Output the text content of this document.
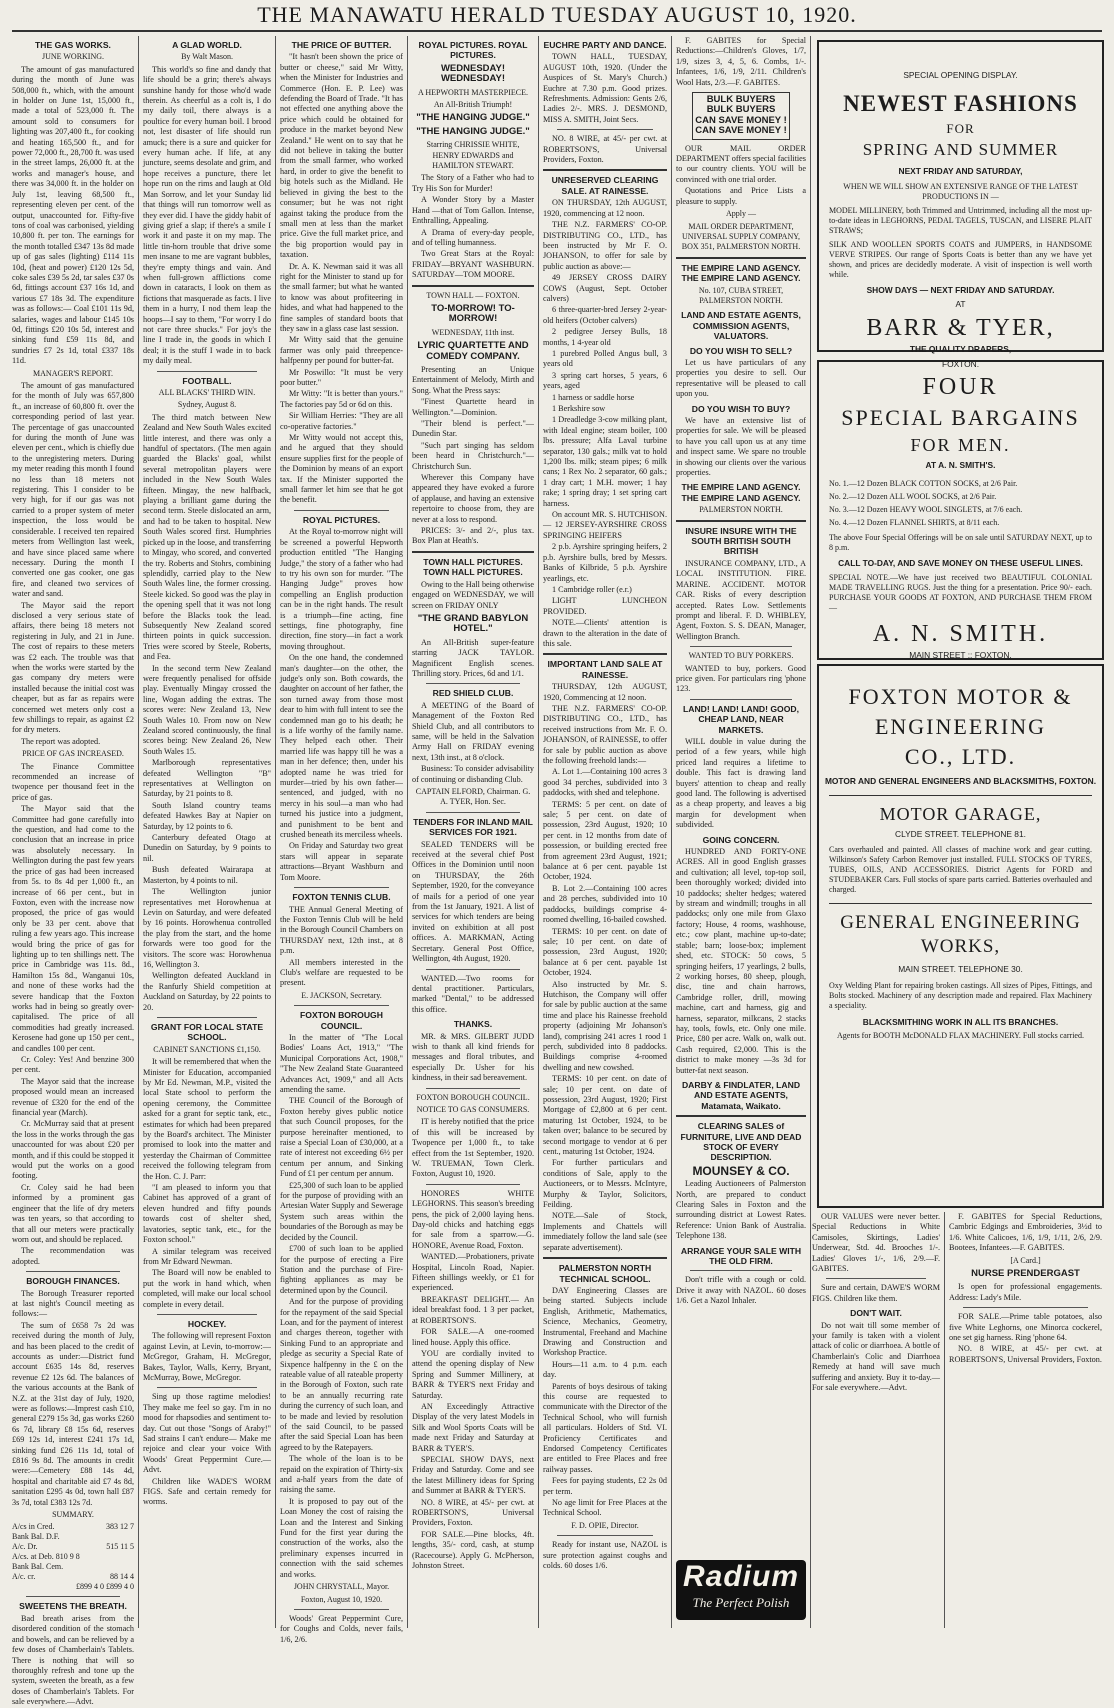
THE MANAWATU HERALD TUESDAY AUGUST 10, 1920.
THE GAS WORKS.
JUNE WORKING.

The amount of gas manufactured during the month of June was 508,000 ft., which, with the amount in holder on June 1st, 15,000 ft., made a total of 523,000 ft. The amount sold to consumers for lighting was 207,400 ft., for cooking and heating 165,500 ft., and for power 72,000 ft., 28,700 ft. was used in the street lamps, 26,000 ft. at the works and manager's house, and there was 34,000 ft. in the holder on July 1st, leaving 68,500 ft., representing eleven per cent. of the output, unaccounted for. Fifty-five tons of coal was carbonised, yielding 10,800 ft. per ton. The earnings for the month totalled £347 13s 8d made up of gas sales (lighting) £114 11s 10d, (heat and power) £120 12s 5d, coke sales £39 5s 2d, tar sales £37 0s 6d, fittings account £37 16s 1d, and various £7 18s 3d. The expenditure was as follows:— Coal £101 11s 9d, salaries, wages and labour £145 10s 0d, fittings £20 10s 5d, interest and sinking fund £59 11s 8d, and sundries £7 2s 1d, total £337 18s 11d.

MANAGER'S REPORT.

The amount of gas manufactured for the month of July was 657,800 ft., an increase of 60,800 ft. over the corresponding period of last year. The percentage of gas unaccounted for during the month of June was eleven per cent., which is chiefly due to the unregistering meters. During my meter reading this month I found no less than 18 meters not registering. This I consider to be very high, for if our gas was not carried to a proper system of meter inspection, the loss would be considerable. I received ten repaired meters from Wellington last week, and have since placed same where necessary. During the month I converted one gas cooker, one gas fire, and cleaned two services of water and sand.

The Mayor said the report disclosed a very serious state of affairs, there being 18 meters not registering in July, and 21 in June. The cost of repairs to these meters was £2 each. The trouble was that when the works were started by the gas company dry meters were installed because the initial cost was cheaper, but as far as repairs were concerned wet meters only cost a few shillings to repair, as against £2 for dry meters.

The report was adopted.

PRICE OF GAS INCREASED.

The Finance Committee recommended an increase of twopence per thousand feet in the price of gas.

The Mayor said that the Committee had gone carefully into the question, and had come to the conclusion that an increase in price was absolutely necessary. In Wellington during the past few years the price of gas had been increased from 5s. to 8s 4d per 1,000 ft., an increase of 66 per cent., but in Foxton, even with the increase now proposed, the price of gas would only be 33 per cent. above that ruling a few years ago. This increase would bring the price of gas for lighting up to ten shillings nett. The price in Cambridge was 11s. 8d., Hamilton 15s 8d., Wanganui 10s, and none of these works had the severe handicap that the Foxton works had in being so greatly over-capitalised. The price of all commodities had greatly increased. Kerosene had gone up 150 per cent., and candles 100 per cent.

Cr. Coley: Yes! And benzine 300 per cent.

The Mayor said that the increase proposed would mean an increased revenue of £320 for the end of the financial year (March).

Cr. McMurray said that at present the loss in the works through the gas unaccounted for was about £20 per month, and if this could be stopped it would put the works on a good footing.

Cr. Coley said he had been informed by a prominent gas engineer that the life of dry meters was ten years, so that according to that all our meters were practically worn out, and should be replaced.

The recommendation was adopted.

BOROUGH FINANCES.

The Borough Treasurer reported at last night's Council meeting as follows:—

The sum of £658 7s 2d was received during the month of July, and has been placed to the credit of accounts as under:—District fund account £635 14s 8d, reserves revenue £2 12s 6d. The balances of the various accounts at the Bank of N.Z. at the 31st day of July, 1920, were as follows:—Imprest cash £10, general £279 15s 3d, gas works £260 6s 7d, library £8 15s 6d, reserves £69 12s 1d, interest £241 17s 1d, sinking fund £26 11s 1d, total of £816 9s 8d. The amounts in credit were:—Cemetery £88 14s 4d, hospital and charitable aid £7 4s 8d, sanitation £295 4s 0d, town hall £87 3s 7d, total £383 12s 7d.

SUMMARY.
A/cs in Cred.	383 12 7
Bank Bal. D.F.
A/c. Dr.	515 11 5
A/cs. at Deb. 810 9 8
Bank Bal. Cem.
A/c. cr.	88 14 4
£899 4 0 £899 4 0
SWEETENS THE BREATH.

Bad breath arises from the disordered condition of the stomach and bowels, and can be relieved by a few doses of Chamberlain's Tablets. There is nothing that will so thoroughly refresh and tone up the system, sweeten the breath, as a few doses of Chamberlain's Tablets. For sale everywhere.—Advt.

A GLAD WORLD.
By Walt Mason.

This world's so fine and dandy that life should be a grin; there's always sunshine handy for those who'd wade therein. As cheerful as a colt is, I do my daily toil, there always is a poultice for every human boil. I brood not, lest disaster of life should run amuck; there is a sure and quicker for every human ache. If life, at any juncture, seems desolate and grim, and hope receives a puncture, there let hope run on the rims and laugh at Old Man Sorrow, and let your Sunday lid that things will run tomorrow well as they ever did. I have the giddy habit of giving grief a slap; if there's a smile I work it and paste it on my map. The little tin-horn trouble that drive some men insane to me are vagrant bubbles, they're empty things and vain. And when full-grown afflictions come down in cataracts, I look on them as fictions that masquerade as facts. I live them in a hurry, I nod them leap the hoops—I say to them, "For worry I do not care three shucks." For joy's the line I trade in, the goods in which I deal; it is the stuff I wade in to back my daily meal.

FOOTBALL.
ALL BLACKS' THIRD WIN.
Sydney, August 8.

The third match between New Zealand and New South Wales excited little interest, and there was only a handful of spectators. (The men again guarded the Blacks' goal, whilst several metropolitan players were included in the New South Wales fifteen. Mingay, the new halfback, playing a brilliant game during the second term. Steele dislocated an arm, and had to be taken to hospital. New South Wales scored first. Humphries picked up in the loose, and transferring to Mingay, who scored, and converted the try. Roberts and Stohrs, combining splendidly, carried play to the New South Wales line, the former crossing. Steele kicked. So good was the play in the opening spell that it was not long before the Blacks took the lead. Subsequently New Zealand scored thirteen points in quick succession. Tries were scored by Steele, Roberts, and Fea.

In the second term New Zealand were frequently penalised for offside play. Eventually Mingay crossed the line, Wogan adding the extras. The scores were: New Zealand 13, New South Wales 10. From now on New Zealand scored continuously, the final scores being: New Zealand 26, New South Wales 15.

Marlborough representatives defeated Wellington "B" representatives at Wellington on Saturday, by 21 points to 8.

South Island country teams defeated Hawkes Bay at Napier on Saturday, by 12 points to 6.

Canterbury defeated Otago at Dunedin on Saturday, by 9 points to nil.

Bush defeated Wairarapa at Masterton, by 4 points to nil.

The Wellington junior representatives met Horowhenua at Levin on Saturday, and were defeated by 16 points. Horowhenua controlled the play from the start, and the home forwards were too good for the visitors. The score was: Horowhenua 16, Wellington 3.

Wellington defeated Auckland in the Ranfurly Shield competition at Auckland on Saturday, by 22 points to 20.

GRANT FOR LOCAL STATE SCHOOL.
CABINET SANCTIONS £1,150.

It will be remembered that when the Minister for Education, accompanied by Mr Ed. Newman, M.P., visited the local State school to perform the opening ceremony, the Committee asked for a grant for septic tank, etc., estimates for which had been prepared by the Board's architect. The Minister promised to look into the matter and yesterday the Chairman of Committee received the following telegram from the Hon. C. J. Parr:

"I am pleased to inform you that Cabinet has approved of a grant of eleven hundred and fifty pounds towards cost of shelter shed, lavatories, septic tank, etc., for the Foxton school."

A similar telegram was received from Mr Edward Newman.

The Board will now be enabled to put the work in hand which, when completed, will make our local school complete in every detail.

HOCKEY.

The following will represent Foxton against Levin, at Levin, to-morrow:— McGregor, Graham, H. McGregor, Bakes, Taylor, Walls, Kerry, Bryant, McMurray, Bowe, McGregor.

Sing up those ragtime melodies! They make me feel so gay. I'm in no mood for rhapsodies and sentiment to-day. Cut out those "Songs of Araby!" Sad strains I can't endure— Make me rejoice and clear your voice With Woods' Great Peppermint Cure.—Advt.

Children like WADE'S WORM FIGS. Safe and certain remedy for worms.

THE PRICE OF BUTTER.

"It hasn't been shown the price of butter or cheese," said Mr Witty, when the Minister for Industries and Commerce (Hon. E. P. Lee) was defending the Board of Trade. "It has not effected one anything above the price which could be obtained for produce in the market beyond New Zealand." He went on to say that he did not believe in taking the butter from the small farmer, who worked hard, in order to give the benefit to big hotels such as the Midland. He believed in giving the best to the consumer; but he was not right against taking the produce from the small men at less than the market price. Give the full market price, and the big proportion would pay in taxation.

Dr. A. K. Newman said it was all right for the Minister to stand up for the small farmer; but what he wanted to know was about profiteering in hides, and what had happened to the fine samples of standard boots that they saw in a glass case last session.

Mr Witty said that the genuine farmer was only paid threepence-halfpenny per pound for butter-fat.

Mr Poswillo: "It must be very poor butter."

Mr Witty: "It is better than yours." The factories pay 5d or 6d on this.

Sir William Herries: "They are all co-operative factories."

Mr Witty would not accept this, and he argued that they should ensure supplies first for the people of the Dominion by means of an export tax. If the Minister supported the small farmer let him see that he got the benefit.

ROYAL PICTURES.

At the Royal to-morrow night will be screened a powerful Hepworth production entitled "The Hanging Judge," the story of a father who had to try his own son for murder. "The Hanging Judge" proves how compelling an English production can be in the right hands. The result is a triumph—fine acting, fine settings, fine photography, fine direction, fine story—in fact a work moving throughout.

On the one hand, the condemned man's daughter—on the other, the judge's only son. Both cowards, the daughter on account of her father, the son turned away from those most dear to him with full intent to see the condemned man go to his death; he is a life worthy of the family name. They helped each other. Their married life was happy till he was a man in her defence; then, under his adopted name he was tried for murder—tried by his own father—sentenced, and judged, with no mercy in his soul—a man who had turned his justice into a judgment, and punishment to be bent and crushed beneath its merciless wheels.

On Friday and Saturday two great stars will appear in separate attractions—Bryant Washburn and Tom Moore.

FOXTON TENNIS CLUB.

THE Annual General Meeting of the Foxton Tennis Club will be held in the Borough Council Chambers on THURSDAY next, 12th inst., at 8 p.m.

All members interested in the Club's welfare are requested to be present.

E. JACKSON, Secretary.
FOXTON BOROUGH COUNCIL.

In the matter of "The Local Bodies' Loans Act, 1913," "The Municipal Corporations Act, 1908," "The New Zealand State Guaranteed Advances Act, 1909," and all Acts amending the same.

THE Council of the Borough of Foxton hereby gives public notice that such Council proposes, for the purpose hereinafter mentioned, to raise a Special Loan of £30,000, at a rate of interest not exceeding 6½ per centum per annum, and Sinking Fund of £1 per centum per annum.

£25,300 of such loan to be applied for the purpose of providing with an Artesian Water Supply and Sewerage System such areas within the boundaries of the Borough as may be decided by the Council.

£700 of such loan to be applied for the purpose of erecting a Fire Station and the purchase of Fire-fighting appliances as may be determined upon by the Council.

And for the purpose of providing for the repayment of the said Special Loan, and for the payment of interest and charges thereon, together with Sinking Fund to an appropriate and pledge as security a Special Rate of Sixpence halfpenny in the £ on the rateable value of all rateable property in the Borough of Foxton, such rate to be an annually recurring rate during the currency of such loan, and to be made and levied by resolution of the said Council, to be passed after the said Special Loan has been agreed to by the Ratepayers.

The whole of the loan is to be repaid on the expiration of Thirty-six and a-half years from the date of raising the same.

It is proposed to pay out of the Loan Money the cost of raising the Loan and the Interest and Sinking Fund for the first year during the construction of the works, also the preliminary expenses incurred in connection with the said schemes and works.

JOHN CHRYSTALL, Mayor.
Foxton, August 10, 1920.

Woods' Great Peppermint Cure, for Coughs and Colds, never fails, 1/6, 2/6.

ROYAL PICTURES. ROYAL PICTURES.
WEDNESDAY! WEDNESDAY!
A HEPWORTH MASTERPIECE.
An All-British Triumph!
"THE HANGING JUDGE."
"THE HANGING JUDGE."
Starring CHRISSIE WHITE, HENRY EDWARDS and HAMILTON STEWART.

The Story of a Father who had to Try His Son for Murder!

A Wonder Story by a Master Hand —that of Tom Gallon. Intense, Enthralling, Appealing.

A Drama of every-day people, and of telling humanness.

Two Great Stars at the Royal: FRIDAY—BRYANT WASHBURN. SATURDAY—TOM MOORE.

TOWN HALL — FOXTON.
TO-MORROW! TO-MORROW!
WEDNESDAY, 11th inst.
LYRIC QUARTETTE AND COMEDY COMPANY.

Presenting an Unique Entertainment of Melody, Mirth and Song. What the Press says:

"Finest Quartette heard in Wellington."—Dominion.

"Their blend is perfect."—Dunedin Star.

"Such part singing has seldom been heard in Christchurch."—Christchurch Sun.

Wherever this Company have appeared they have evoked a furore of applause, and having an extensive repertoire to choose from, they are never at a loss to respond.

PRICES: 3/- and 2/-, plus tax. Box Plan at Heath's.

TOWN HALL PICTURES. TOWN HALL PICTURES.

Owing to the Hall being otherwise engaged on WEDNESDAY, we will screen on FRIDAY ONLY

"THE GRAND BABYLON HOTEL."

An All-British super-feature starring JACK TAYLOR. Magnificent English scenes. Thrilling story. Prices, 6d and 1/1.

RED SHIELD CLUB.

A MEETING of the Board of Management of the Foxton Red Shield Club, and all contributors to same, will be held in the Salvation Army Hall on FRIDAY evening next, 13th inst., at 8 o'clock.

Business: To consider advisability of continuing or disbanding Club.

CAPTAIN ELFORD, Chairman. G. A. TYER, Hon. Sec.
TENDERS FOR INLAND MAIL SERVICES FOR 1921.

SEALED TENDERS will be received at the several chief Post Offices in the Dominion until noon on THURSDAY, the 26th September, 1920, for the conveyance of mails for a period of one year from the 1st January, 1921. A list of services for which tenders are being invited on exhibition at all post offices. A. MARKMAN, Acting Secretary. General Post Office, Wellington, 4th August, 1920.

WANTED.—Two rooms for dental practitioner. Particulars, marked "Dental," to be addressed this office.

THANKS.

MR. & MRS. GILBERT JUDD wish to thank all kind friends for messages and floral tributes, and especially Dr. Usher for his kindness, in their sad bereavement.

FOXTON BOROUGH COUNCIL.
NOTICE TO GAS CONSUMERS.

IT is hereby notified that the price of this will be increased by Twopence per 1,000 ft., to take effect from the 1st September, 1920. W. TRUEMAN, Town Clerk. Foxton, August 10, 1920.

HONORES WHITE LEGHORNS. This season's breeding pens, the pick of 2,000 laying hens. Day-old chicks and hatching eggs for sale from a sparrow.—G. HONORE, Avenue Road, Foxton.

WANTED.—Probationers, private Hospital, Lincoln Road, Napier. Fifteen shillings weekly, or £1 for experienced.

BREAKFAST DELIGHT.— An ideal breakfast food. 1 3 per packet, at ROBERTSON'S.

FOR SALE.—A one-roomed lined house. Apply this office.

YOU are cordially invited to attend the opening display of New Spring and Summer Millinery, at BARR & TYER'S next Friday and Saturday.

AN Exceedingly Attractive Display of the very latest Models in Silk and Wool Sports Coats will be made next Friday and Saturday at BARR & TYER'S.

SPECIAL SHOW DAYS, next Friday and Saturday. Come and see the latest Millinery ideas for Spring and Summer at BARR & TYER'S.

NO. 8 WIRE, at 45/- per cwt. at ROBERTSON'S, Universal Providers, Foxton.

FOR SALE.—Pine blocks, 4ft. lengths, 35/- cord, cash, at stump (Racecourse). Apply G. McPherson, Johnston Street.

EUCHRE PARTY AND DANCE.

TOWN HALL, TUESDAY, AUGUST 10th, 1920. (Under the Auspices of St. Mary's Church.) Euchre at 7.30 p.m. Good prizes. Refreshments. Admission: Gents 2/6, Ladies 2/-. MRS. J. DESMOND, MISS A. SMITH, Joint Secs.

NO. 8 WIRE, at 45/- per cwt. at ROBERTSON'S, Universal Providers, Foxton.

UNRESERVED CLEARING SALE. AT RAINESSE.

ON THURSDAY, 12th AUGUST, 1920, commencing at 12 noon.

THE N.Z. FARMERS' CO-OP. DISTRIBUTING CO., LTD., has been instructed by Mr F. O. JOHANSON, to offer for sale by public auction as above:—

49 JERSEY CROSS DAIRY COWS (August, Sept. October calvers)

6 three-quarter-bred Jersey 2-year-old heifers (October calvers)

2 pedigree Jersey Bulls, 18 months, 1 4-year old

1 purebred Polled Angus bull, 3 years old

3 spring cart horses, 5 years, 6 years, aged

1 harness or saddle horse

1 Berkshire sow

1 Dreadledge 3-cow milking plant, with Ideal engine; steam boiler, 100 lbs. pressure; Alfa Laval turbine separator, 130 gals.; milk vat to hold 1,200 lbs. milk; steam pipes; 6 milk cans; 1 Rex No. 2 separator, 60 gals.; 1 dray cart; 1 M.H. mower; 1 hay rake; 1 spring dray; 1 set spring cart harness.

On account MR. S. HUTCHISON.— 12 JERSEY-AYRSHIRE CROSS SPRINGING HEIFERS

2 p.b. Ayrshire springing heifers, 2 p.b. Ayrshire bulls, bred by Messrs. Banks of Kilbride, 5 p.b. Ayrshire yearlings, etc.

1 Cambridge roller (e.r.)

LIGHT LUNCHEON PROVIDED.

NOTE.—Clients' attention is drawn to the alteration in the date of this sale.

IMPORTANT LAND SALE AT RAINESSE.

THURSDAY, 12th AUGUST, 1920, Commencing at 12 noon.

THE N.Z. FARMERS' CO-OP. DISTRIBUTING CO., LTD., has received instructions from Mr. F. O. JOHANSON, of RAINESSE, to offer for sale by public auction as above the following freehold lands:—

A. Lot 1.—Containing 100 acres 3 good 34 perches, subdivided into 3 paddocks, with shed and telephone.

TERMS: 5 per cent. on date of sale; 5 per cent. on date of possession, 23rd August, 1920; 10 per cent. in 12 months from date of possession, or building erected free from agreement 23rd August, 1921; balance at 6 per cent. payable 1st October, 1924.

B. Lot 2.—Containing 100 acres and 28 perches, subdivided into 10 paddocks, buildings comprise 4-roomed dwelling, 16-bailed cowshed.

TERMS: 10 per cent. on date of sale; 10 per cent. on date of possession, 23rd August, 1920; balance at 6 per cent. payable 1st October, 1924.

Also instructed by Mr. S. Hutchison, the Company will offer for sale by public auction at the same time and place his Rainesse freehold property (adjoining Mr Johanson's land), comprising 241 acres 1 rood 1 perch, subdivided into 8 paddocks. Buildings comprise 4-roomed dwelling and new cowshed.

TERMS: 10 per cent. on date of sale; 10 per cent. on date of possession, 23rd August, 1920; First Mortgage of £2,800 at 6 per cent. maturing 1st October, 1924, to be taken over; balance to be secured by second mortgage to vendor at 6 per cent., maturing 1st October, 1924.

For further particulars and conditions of Sale, apply to the Auctioneers, or to Messrs. McIntyre, Murphy & Taylor, Solicitors, Feilding.

NOTE.—Sale of Stock, Implements and Chattels will immediately follow the land sale (see separate advertisement).

PALMERSTON NORTH TECHNICAL SCHOOL.

DAY Engineering Classes are being started. Subjects include English, Arithmetic, Mathematics, Science, Mechanics, Geometry, Instrumental, Freehand and Machine Drawing and Construction and Workshop Practice.

Hours—11 a.m. to 4 p.m. each day.

Parents of boys desirous of taking this course are requested to communicate with the Director of the Technical School, who will furnish all particulars. Holders of Std. VI. Proficiency Certificates and Endorsed Competency Certificates are entitled to Free Places and free railway passes.

Fees for paying students, £2 2s 0d per term.

No age limit for Free Places at the Technical School.

F. D. OPIE, Director.

Ready for instant use, NAZOL is sure protection against coughs and colds. 60 doses 1/6.

F. GABITES for Special Reductions:—Children's Gloves, 1/7, 1/9, sizes 3, 4, 5, 6. Combs, 1/-. Infantees, 1/6, 1/9, 2/11. Children's Wool Hats, 2/3.—F. GABITES.

BULK BUYERS
BULK BUYERS
CAN SAVE MONEY !
CAN SAVE MONEY !

OUR MAIL ORDER DEPARTMENT offers special facilities to our country clients. YOU will be convinced with one trial order.

Quotations and Price Lists a pleasure to supply.

Apply —
MAIL ORDER DEPARTMENT, UNIVERSAL SUPPLY COMPANY, BOX 351, PALMERSTON NORTH.
THE EMPIRE LAND AGENCY. THE EMPIRE LAND AGENCY.
No. 107, CUBA STREET, PALMERSTON NORTH.
LAND AND ESTATE AGENTS, COMMISSION AGENTS, VALUATORS.
DO YOU WISH TO SELL?

Let us have particulars of any properties you desire to sell. Our representative will be pleased to call upon you.

DO YOU WISH TO BUY?

We have an extensive list of properties for sale. We will be pleased to have you call upon us at any time and inspect same. We spare no trouble in showing our clients over the various properties.

THE EMPIRE LAND AGENCY. THE EMPIRE LAND AGENCY.
PALMERSTON NORTH.
INSURE INSURE WITH THE SOUTH BRITISH SOUTH BRITISH

INSURANCE COMPANY, LTD., A LOCAL INSTITUTION. FIRE. MARINE. ACCIDENT. MOTOR CAR. Risks of every description accepted. Rates Low. Settlements prompt and liberal. F. D. WHIBLEY, Agent, Foxton. S. S. DEAN, Manager, Wellington Branch.

WANTED TO BUY PORKERS.

WANTED to buy, porkers. Good price given. For particulars ring 'phone 123.

LAND! LAND! LAND! GOOD, CHEAP LAND, NEAR MARKETS.

WILL double in value during the period of a few years, while high priced land requires a lifetime to double. This fact is drawing land buyers' attention to cheap and really good land. The following is advertised as a cheap property, and leaves a big margin for development when subdivided.

GOING CONCERN.

HUNDRED AND FORTY-ONE ACRES. All in good English grasses and cultivation; all level, top-top soil, been thoroughly worked; divided into 10 paddocks; shelter hedges; watered by stream and windmill; troughs in all paddocks; only one mile from Glaxo factory; House, 4 rooms, washhouse, etc.; cow plant, machine up-to-date; stable; barn; loose-box; implement shed, etc. STOCK: 50 cows, 5 springing heifers, 17 yearlings, 2 bulls, 2 working horses, 80 sheep, plough, disc, tine and chain harrows, Cambridge roller, drill, mowing machine, cart and harness, gig and harness, separator, milkcans, 2 stacks hay, tools, fowls, etc. Only one mile. Price, £80 per acre. Walk on, walk out. Cash required, £2,000. This is the district to make money —3s 3d for butter-fat next season.

DARBY & FINDLATER, LAND AND ESTATE AGENTS, Matamata, Waikato.
CLEARING SALES of FURNITURE, LIVE AND DEAD STOCK OF EVERY DESCRIPTION.
MOUNSEY & CO.

Leading Auctioneers of Palmerston North, are prepared to conduct Clearing Sales in Foxton and the surrounding district at Lowest Rates. Reference: Union Bank of Australia. Telephone 138.

ARRANGE YOUR SALE WITH THE OLD FIRM.

Don't trifle with a cough or cold. Drive it away with NAZOL. 60 doses 1/6. Get a Nazol Inhaler.

Radium
The Perfect Polish
SPECIAL OPENING DISPLAY.
NEWEST FASHIONS
FOR
SPRING AND SUMMER
NEXT FRIDAY AND SATURDAY,
WHEN WE WILL SHOW AN EXTENSIVE RANGE OF THE LATEST PRODUCTIONS IN —
MODEL MILLINERY, both Trimmed and Untrimmed, including all the most up-to-date ideas in LEGHORNS, PEDAL TAGELS, TUSCAN, and LISERE PLAIT STRAWS;
SILK AND WOOLLEN SPORTS COATS and JUMPERS, in HANDSOME VERVE STRIPES. Our range of Sports Coats is better than any we have yet shown, and prices are decidedly moderate. A visit of inspection is well worth while.
SHOW DAYS — NEXT FRIDAY AND SATURDAY.
AT
BARR & TYER,
THE QUALITY DRAPERS,
FOXTON.
FOUR
SPECIAL BARGAINS
FOR MEN.
AT A. N. SMITH'S.
No. 1.—12 Dozen BLACK COTTON SOCKS, at 2/6 Pair.
No. 2.—12 Dozen ALL WOOL SOCKS, at 2/6 Pair.
No. 3.—12 Dozen HEAVY WOOL SINGLETS, at 7/6 each.
No. 4.—12 Dozen FLANNEL SHIRTS, at 8/11 each.
The above Four Special Offerings will be on sale until SATURDAY NEXT, up to 8 p.m.
CALL TO-DAY, AND SAVE MONEY ON THESE USEFUL LINES.
SPECIAL NOTE.—We have just received two BEAUTIFUL COLONIAL MADE TRAVELLING RUGS. Just the thing for a presentation. Price 90/- each. PURCHASE YOUR GOODS AT FOXTON, AND PURCHASE THEM FROM —
A. N. SMITH.
MAIN STREET :: FOXTON.
FOXTON MOTOR &
ENGINEERING
CO., LTD.
MOTOR AND GENERAL ENGINEERS AND BLACKSMITHS, FOXTON.
MOTOR GARAGE,
CLYDE STREET. TELEPHONE 81.
Cars overhauled and painted. All classes of machine work and gear cutting. Wilkinson's Safety Carbon Remover just installed. FULL STOCKS OF TYRES, TUBES, OILS, AND ACCESSORIES. District Agents for FORD and STUDEBAKER Cars. Full stocks of spare parts carried. Batteries overhauled and charged.
GENERAL ENGINEERING
WORKS,
MAIN STREET. TELEPHONE 30.
Oxy Welding Plant for repairing broken castings. All sizes of Pipes, Fittings, and Bolts stocked. Machinery of any description made and repaired. Flax Machinery a speciality.
BLACKSMITHING WORK IN ALL ITS BRANCHES.
Agents for BOOTH McDONALD FLAX MACHINERY. Full stocks carried.

OUR VALUES were never better. Special Reductions in White Camisoles, Skirtings, Ladies' Underwear, Std. 4d. Brooches 1/-. Ladies' Gloves 1/-, 1/6, 2/9.—F. GABITES.

Sure and certain, DAWE'S WORM FIGS. Children like them.

DON'T WAIT.

Do not wait till some member of your family is taken with a violent attack of colic or diarrhoea. A bottle of Chamberlain's Colic and Diarrhoea Remedy at hand will save much suffering and anxiety. Buy it to-day.—For sale everywhere.—Advt.

F. GABITES for Special Reductions, Cambric Edgings and Embroideries, 3½d to 1/6. White Calicoes, 1/6, 1/9, 1/11, 2/6, 2/9. Bootees, Infantees.—F. GABITES.

[A Card.]
NURSE PRENDERGAST

Is open for professional engagements. Address: Lady's Mile.

FOR SALE.—Prime table potatoes, also five White Leghorns, one Minorca cockerel, one set gig harness. Ring 'phone 64.

NO. 8 WIRE, at 45/- per cwt. at ROBERTSON'S, Universal Providers, Foxton.
